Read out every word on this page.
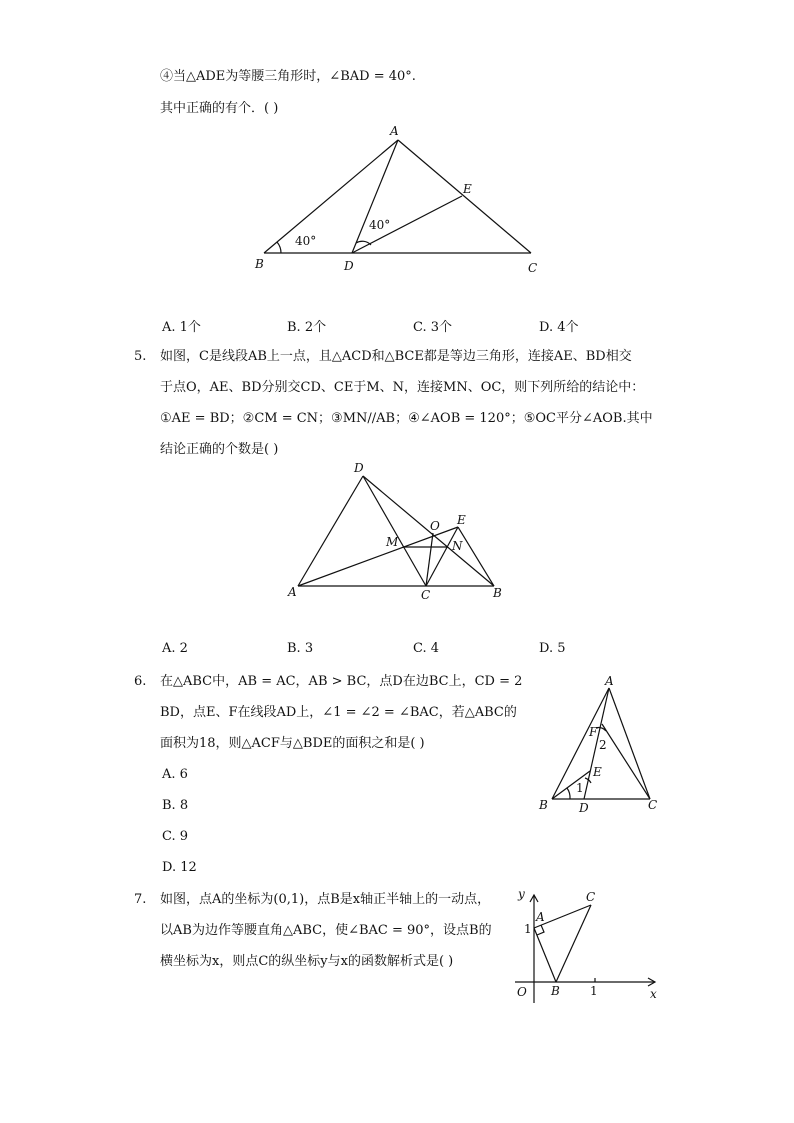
④当△ADE为等腰三角形时，∠BAD = 40°.
其中正确的有个．( )
A
B	C
D
E
40°
40°
A. 1个	B. 2个	C. 3个	D. 4个
5. 如图，C是线段AB上一点，且△ACD和△BCE都是等边三角形，连接AE、BD相交
于点O，AE、BD分别交CD、CE于M、N，连接MN、OC，则下列所给的结论中：
①AE = BD；②CM = CN；③MN//AB；④∠AOB = 120°；⑤OC平分∠AOB.其中
结论正确的个数是( )
D
A	C	B
O E
M	N
A. 2	B. 3	C. 4	D. 5
6. 在△ABC中，AB = AC，AB > BC，点D在边BC上，CD = 2
BD，点E、F在线段AD上，∠1 = ∠2 = ∠BAC，若△ABC的
面积为18，则△ACF与△BDE的面积之和是( )
A. 6
B. 8
C. 9
D. 12
A
B	C
D
E
F
1
2
7. 如图，点A的坐标为(0,1)，点B是x轴正半轴上的一动点，
以AB为边作等腰直角△ABC，使∠BAC = 90°，设点B的
横坐标为x，则点C的纵坐标y与x的函数解析式是( )
y
A
1
C
O B	1	x
